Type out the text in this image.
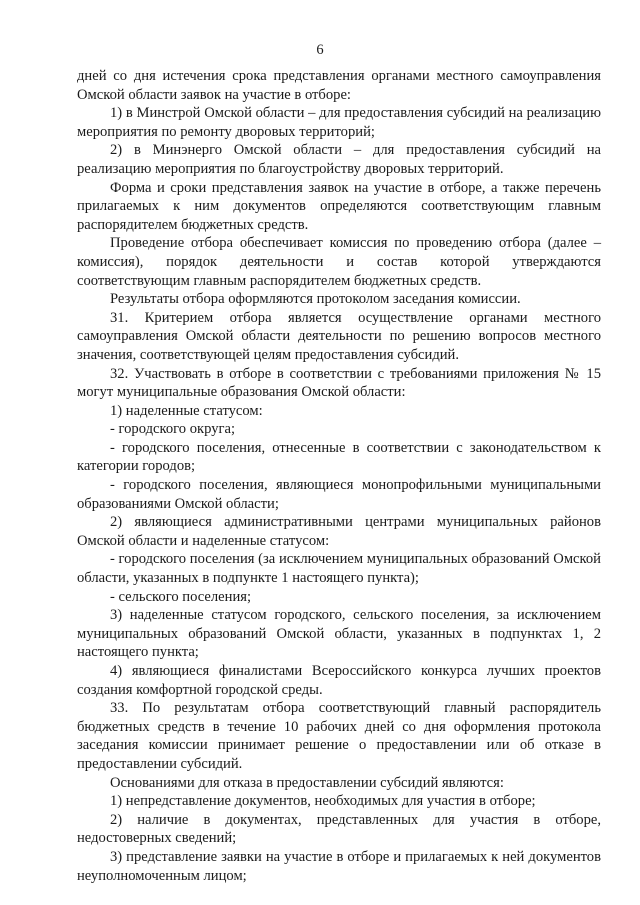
6

дней со дня истечения срока представления органами местного самоуправления Омской области заявок на участие в отборе:

1) в Минстрой Омской области – для предоставления субсидий на реализацию мероприятия по ремонту дворовых территорий;

2) в Минэнерго Омской области – для предоставления субсидий на реализацию мероприятия по благоустройству дворовых территорий.

Форма и сроки представления заявок на участие в отборе, а также перечень прилагаемых к ним документов определяются соответствующим главным распорядителем бюджетных средств.

Проведение отбора обеспечивает комиссия по проведению отбора (далее – комиссия), порядок деятельности и состав которой утверждаются соответствующим главным распорядителем бюджетных средств.

Результаты отбора оформляются протоколом заседания комиссии.

31. Критерием отбора является осуществление органами местного самоуправления Омской области деятельности по решению вопросов местного значения, соответствующей целям предоставления субсидий.

32. Участвовать в отборе в соответствии с требованиями приложения № 15 могут муниципальные образования Омской области:

1) наделенные статусом:

- городского округа;

- городского поселения, отнесенные в соответствии с законодательством к категории городов;

- городского поселения, являющиеся монопрофильными муниципальными образованиями Омской области;

2) являющиеся административными центрами муниципальных районов Омской области и наделенные статусом:

- городского поселения (за исключением муниципальных образований Омской области, указанных в подпункте 1 настоящего пункта);

- сельского поселения;

3) наделенные статусом городского, сельского поселения, за исключением муниципальных образований Омской области, указанных в подпунктах 1, 2 настоящего пункта;

4) являющиеся финалистами Всероссийского конкурса лучших проектов создания комфортной городской среды.

33. По результатам отбора соответствующий главный распорядитель бюджетных средств в течение 10 рабочих дней со дня оформления протокола заседания комиссии принимает решение о предоставлении или об отказе в предоставлении субсидий.

Основаниями для отказа в предоставлении субсидий являются:

1) непредставление документов, необходимых для участия в отборе;

2) наличие в документах, представленных для участия в отборе, недостоверных сведений;

3) представление заявки на участие в отборе и прилагаемых к ней документов неуполномоченным лицом;
